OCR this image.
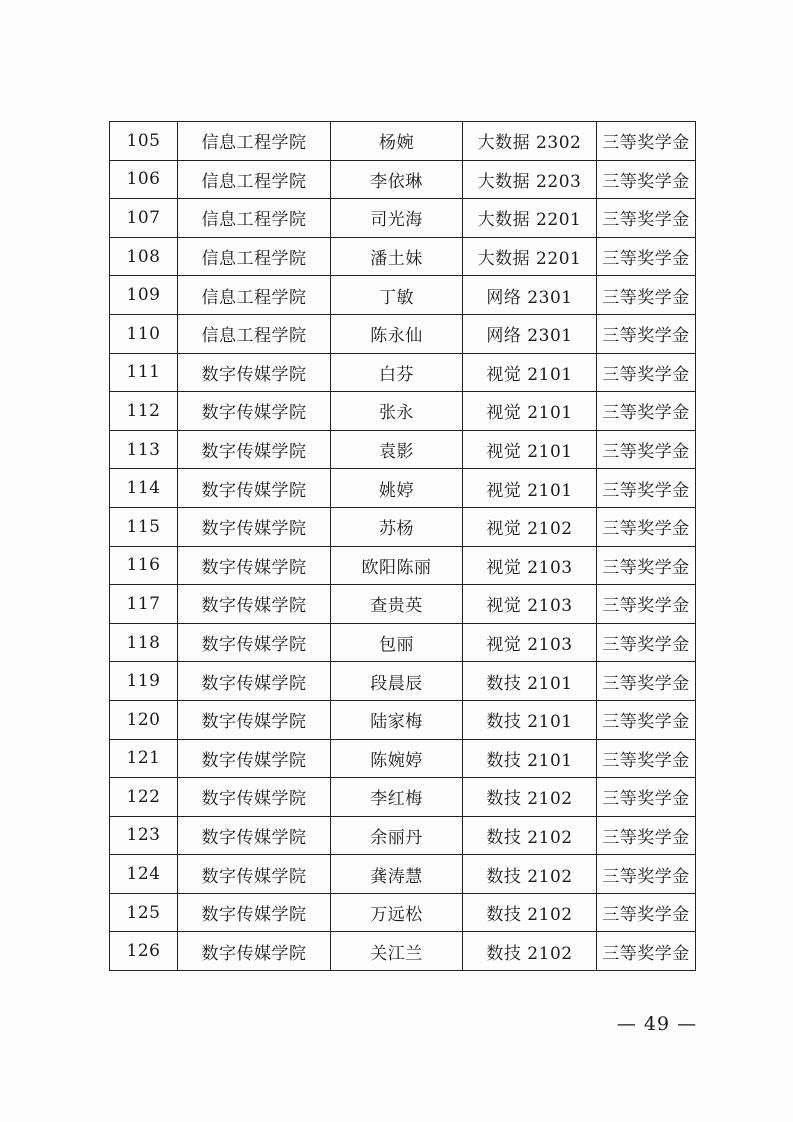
105	信息工程学院	杨婉	大数据 2302	三等奖学金
106	信息工程学院	李依琳	大数据 2203	三等奖学金
107	信息工程学院	司光海	大数据 2201	三等奖学金
108	信息工程学院	潘土妹	大数据 2201	三等奖学金
109	信息工程学院	丁敏	网络 2301	三等奖学金
110	信息工程学院	陈永仙	网络 2301	三等奖学金
111	数字传媒学院	白芬	视觉 2101	三等奖学金
112	数字传媒学院	张永	视觉 2101	三等奖学金
113	数字传媒学院	袁影	视觉 2101	三等奖学金
114	数字传媒学院	姚婷	视觉 2101	三等奖学金
115	数字传媒学院	苏杨	视觉 2102	三等奖学金
116	数字传媒学院	欧阳陈丽	视觉 2103	三等奖学金
117	数字传媒学院	查贵英	视觉 2103	三等奖学金
118	数字传媒学院	包丽	视觉 2103	三等奖学金
119	数字传媒学院	段晨辰	数技 2101	三等奖学金
120	数字传媒学院	陆家梅	数技 2101	三等奖学金
121	数字传媒学院	陈婉婷	数技 2101	三等奖学金
122	数字传媒学院	李红梅	数技 2102	三等奖学金
123	数字传媒学院	余丽丹	数技 2102	三等奖学金
124	数字传媒学院	龚涛慧	数技 2102	三等奖学金
125	数字传媒学院	万远松	数技 2102	三等奖学金
126	数字传媒学院	关江兰	数技 2102	三等奖学金
— 49 —
